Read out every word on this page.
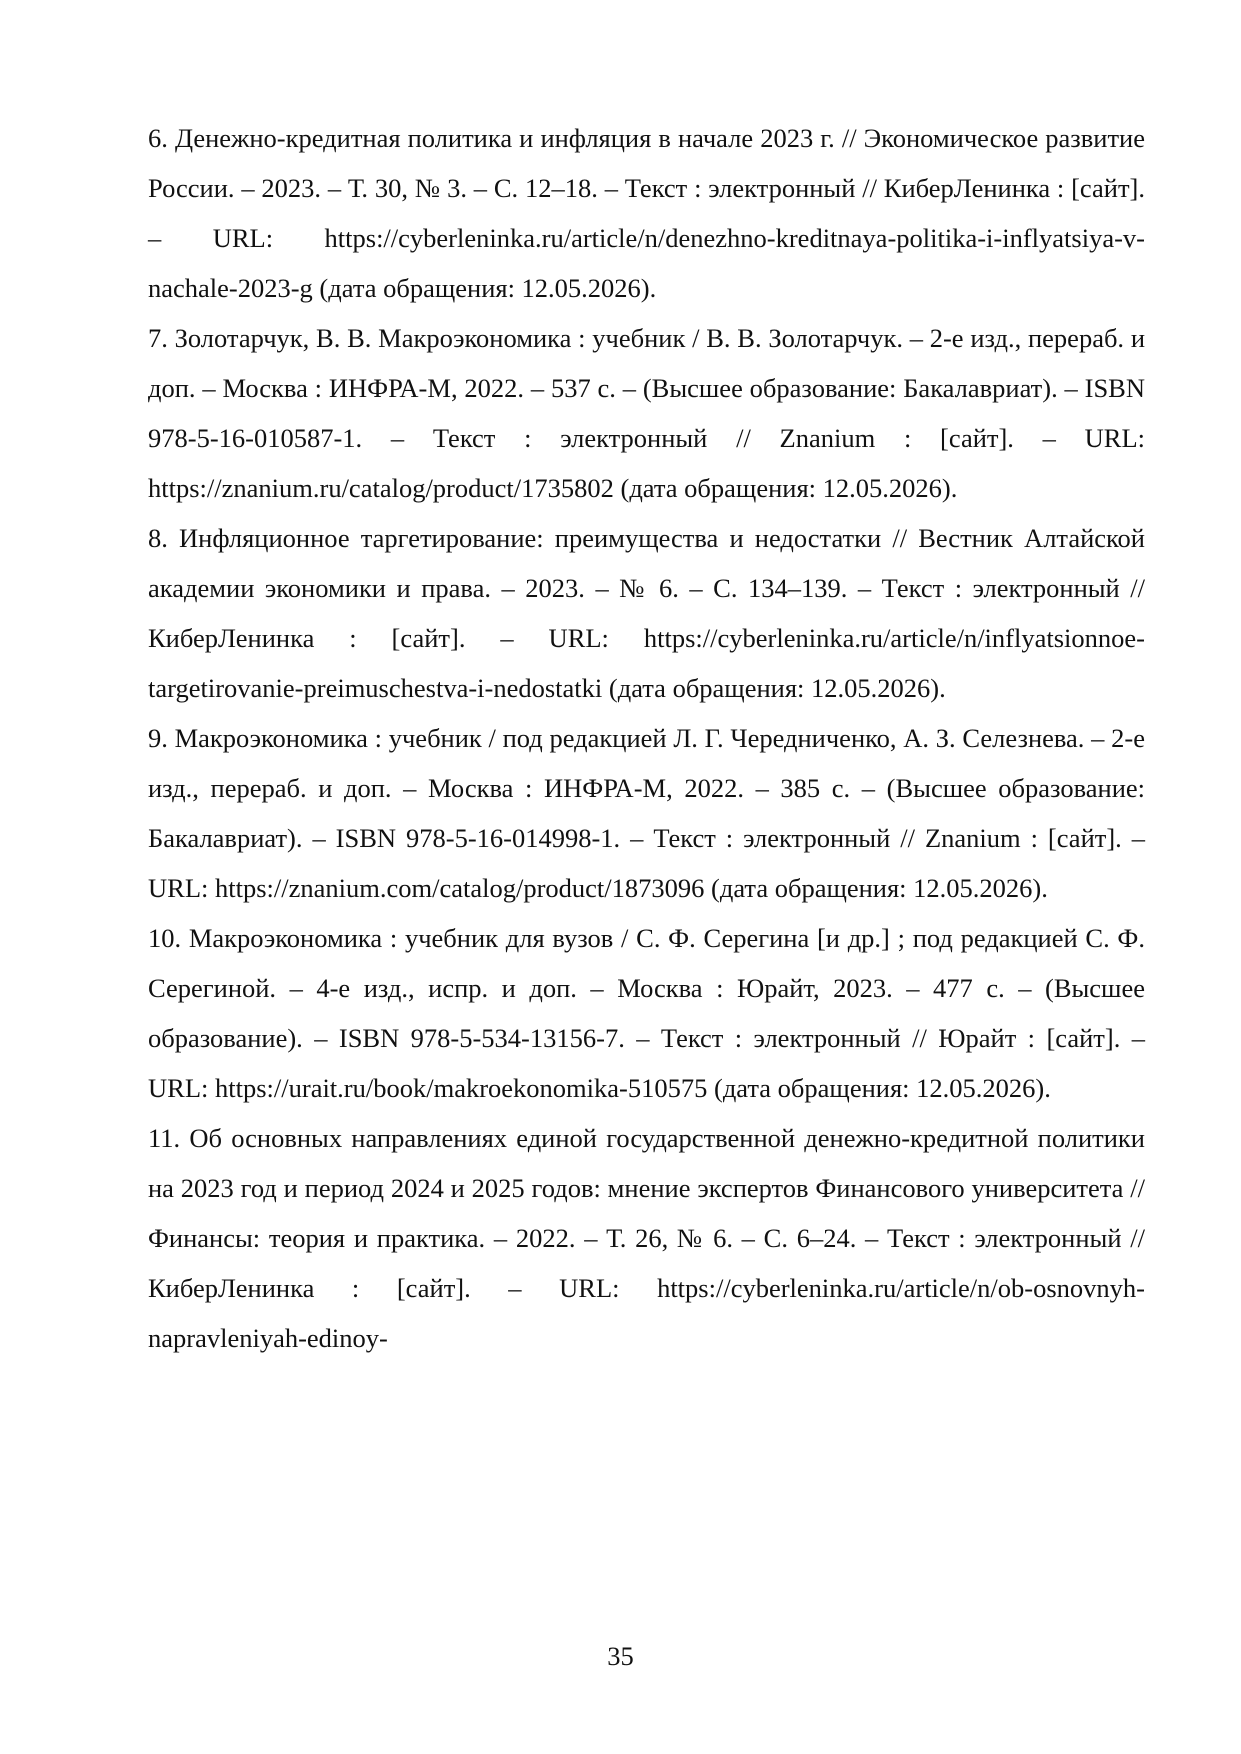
6. Денежно-кредитная политика и инфляция в начале 2023 г. // Экономическое развитие России. – 2023. – Т. 30, № 3. – С. 12–18. – Текст : электронный // КиберЛенинка : [сайт]. – URL: https://cyberleninka.ru/article/n/denezhno-kreditnaya-politika-i-inflyatsiya-v-nachale-2023-g (дата обращения: 12.05.2026).

7. Золотарчук, В. В. Макроэкономика : учебник / В. В. Золотарчук. – 2-е изд., перераб. и доп. – Москва : ИНФРА-М, 2022. – 537 с. – (Высшее образование: Бакалавриат). – ISBN 978-5-16-010587-1. – Текст : электронный // Znanium : [сайт]. – URL: https://znanium.ru/catalog/product/1735802 (дата обращения: 12.05.2026).

8. Инфляционное таргетирование: преимущества и недостатки // Вестник Алтайской академии экономики и права. – 2023. – № 6. – С. 134–139. – Текст : электронный // КиберЛенинка : [сайт]. – URL: https://cyberleninka.ru/article/n/inflyatsionnoe-targetirovanie-preimuschestva-i-nedostatki (дата обращения: 12.05.2026).

9. Макроэкономика : учебник / под редакцией Л. Г. Чередниченко, А. З. Селезнева. – 2-е изд., перераб. и доп. – Москва : ИНФРА-М, 2022. – 385 с. – (Высшее образование: Бакалавриат). – ISBN 978-5-16-014998-1. – Текст : электронный // Znanium : [сайт]. – URL: https://znanium.com/catalog/product/1873096 (дата обращения: 12.05.2026).

10. Макроэкономика : учебник для вузов / С. Ф. Серегина [и др.] ; под редакцией С. Ф. Серегиной. – 4-е изд., испр. и доп. – Москва : Юрайт, 2023. – 477 с. – (Высшее образование). – ISBN 978-5-534-13156-7. – Текст : электронный // Юрайт : [сайт]. – URL: https://urait.ru/book/makroekonomika-510575 (дата обращения: 12.05.2026).

11. Об основных направлениях единой государственной денежно-кредитной политики на 2023 год и период 2024 и 2025 годов: мнение экспертов Финансового университета // Финансы: теория и практика. – 2022. – Т. 26, № 6. – С. 6–24. – Текст : электронный // КиберЛенинка : [сайт]. – URL: https://cyberleninka.ru/article/n/ob-osnovnyh-napravleniyah-edinoy-

35
